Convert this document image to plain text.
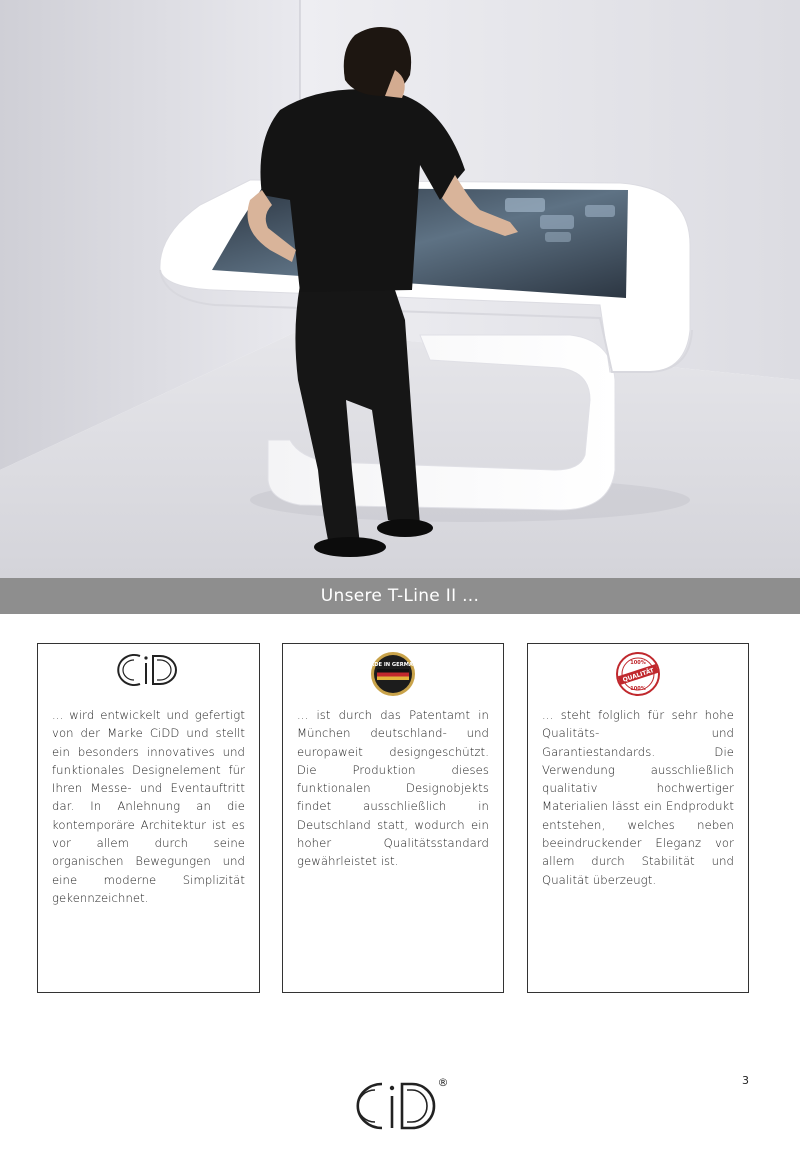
Unsere T-Line II ...
... wird entwickelt und gefertigt von der Marke CiDD und stellt ein besonders innovatives und funktionales Designelement für Ihren Messe- und Eventauftritt dar. In Anlehnung an die kontemporäre Architektur ist es vor allem durch seine organischen Bewegungen und eine moderne Simplizität gekennzeichnet.
MADE IN GERMANY
... ist durch das Patentamt in München deutschland- und europaweit designgeschützt. Die Produktion dieses funktionalen Designobjekts findet ausschließlich in Deutschland statt, wodurch ein hoher Qualitätsstandard gewährleistet ist.
100%
QUALITÄT
100%
... steht folglich für sehr hohe Qualitäts- und Garantiestandards. Die Verwendung ausschließlich qualitativ hochwertiger Materialien lässt ein Endprodukt entstehen, welches neben beeindruckender Eleganz vor allem durch Stabilität und Qualität überzeugt.
®	3
